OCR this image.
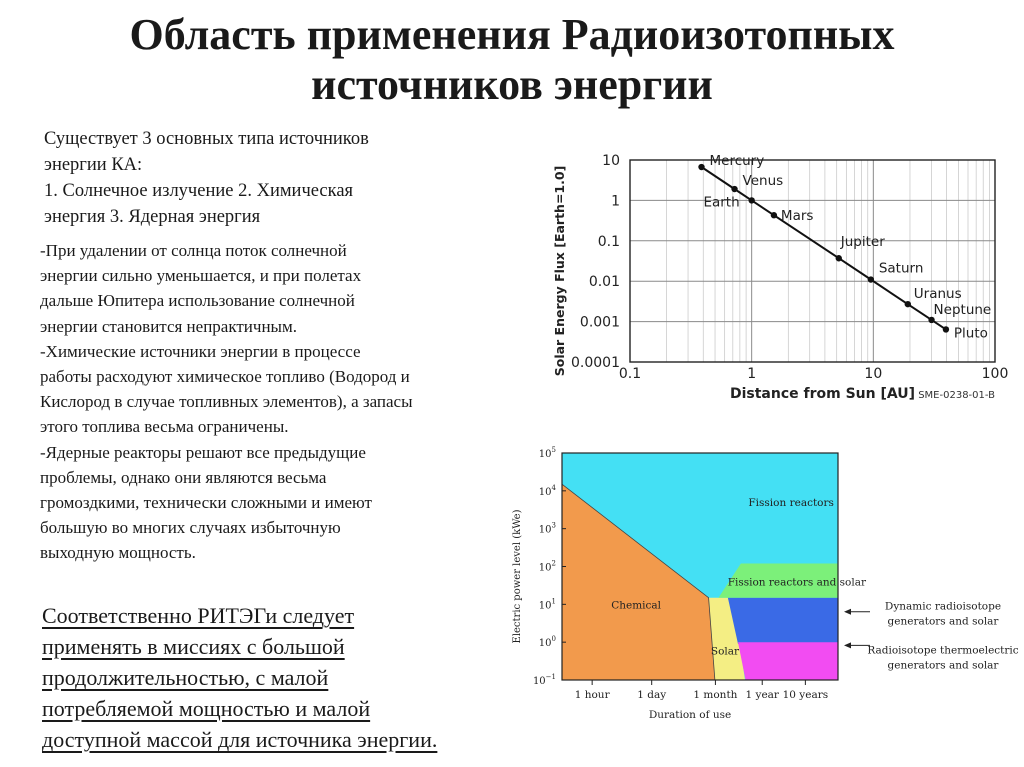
Область применения Радиоизотопных
источников энергии
Существует 3 основных типа источников
энергии КА:
1. Солнечное излучение 2. Химическая
энергия 3. Ядерная энергия
-При удалении от солнца поток солнечной
энергии сильно уменьшается, и при полетах
дальше Юпитера использование солнечной
энергии становится непрактичным.
-Химические источники энергии в процессе
работы расходуют химическое топливо (Водород и
Кислород в случае топливных элементов), а запасы
этого топлива весьма ограничены.
-Ядерные реакторы решают все предыдущие
проблемы, однако они являются весьма
громоздкими, технически сложными и имеют
большую во многих случаях избыточную
выходную мощность.
Соответственно РИТЭГи следует
применять в миссиях с большой
продолжительностью, с малой
потребляемой мощностью и малой
доступной массой для источника энергии.
0.1	1	10	100
10
1
0.1
0.01
0.001
0.0001
Distance from Sun [AU]
Solar Energy Flux [Earth=1.0]
SME-0238-01-B
Mercury
Venus
Earth
Mars
Jupiter
Saturn
Uranus
Neptune
Pluto
Fission reactors
Fission reactors and solar
Chemical
Solar
$10^5$
$10^4$
$10^3$
$10^2$
$10^1$
$10^0$
$10^{-1}$
1 hour	1 day	1 month 1 year 10 years
Duration of use
Electric power level (kWe)	Dynamic radioisotope
generators and solar
Radioisotope thermoelectric
generators and solar
